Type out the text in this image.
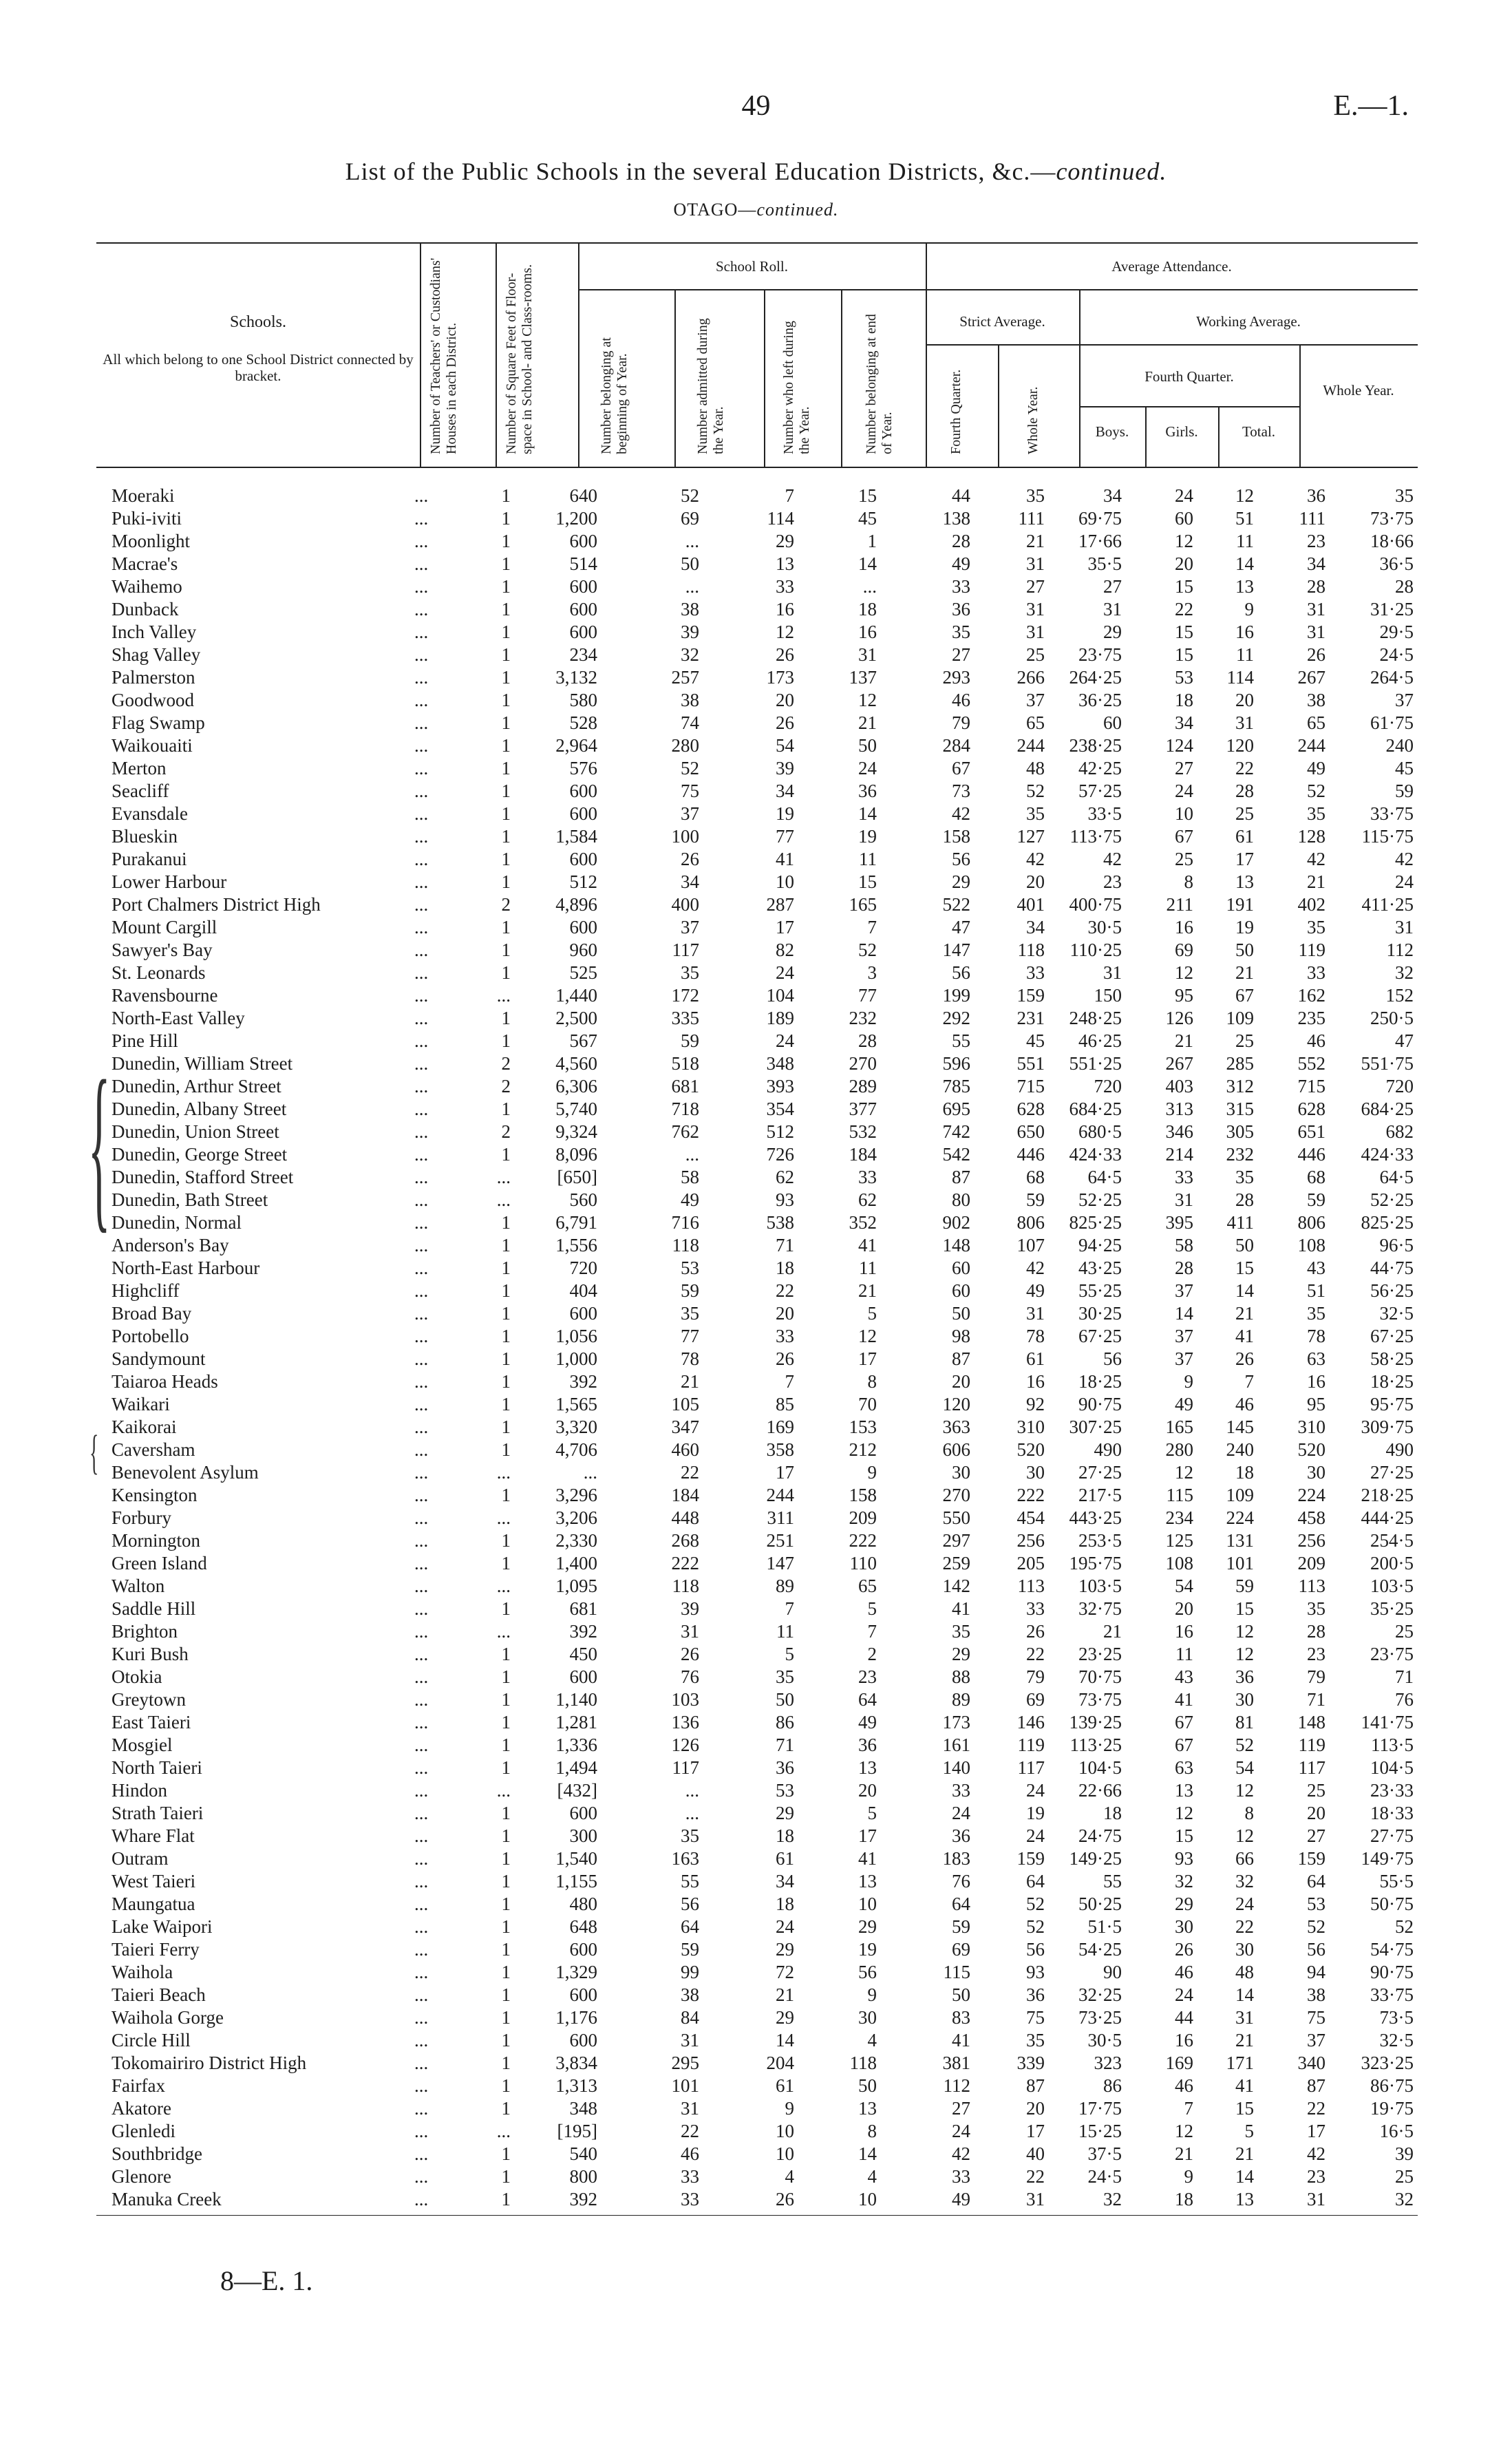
49	E.—1.
List of the Public Schools in the several Education Districts, &c.—continued.
OTAGO—continued.
Schools.
All which belong to one School District connected by bracket.	Number of Teachers' or Custodians' Houses in each District.	Number of Square Feet of Floor-space in School- and Class-rooms.	School Roll.
Number belonging at beginning of Year.	Number admitted during the Year.	Number who left during the Year.	Number belonging at end of Year.
Average Attendance.
Strict Average.	Working Average.
Fourth Quarter.	Whole Year.
Fourth Quarter.
Boys.	Girls.	Total.
Whole Year.
{
{
Moeraki	...	1	640	52	7	15	44	35	34	24	12	36	35
Puki-iviti	...	1	1,200	69	114	45	138	111	69·75	60	51	111	73·75
Moonlight	...	1	600	...	29	1	28	21	17·66	12	11	23	18·66
Macrae's	...	1	514	50	13	14	49	31	35·5	20	14	34	36·5
Waihemo	...	1	600	...	33	...	33	27	27	15	13	28	28
Dunback	...	1	600	38	16	18	36	31	31	22	9	31	31·25
Inch Valley	...	1	600	39	12	16	35	31	29	15	16	31	29·5
Shag Valley	...	1	234	32	26	31	27	25	23·75	15	11	26	24·5
Palmerston	...	1	3,132	257	173	137	293	266	264·25	53	114	267	264·5
Goodwood	...	1	580	38	20	12	46	37	36·25	18	20	38	37
Flag Swamp	...	1	528	74	26	21	79	65	60	34	31	65	61·75
Waikouaiti	...	1	2,964	280	54	50	284	244	238·25	124	120	244	240
Merton	...	1	576	52	39	24	67	48	42·25	27	22	49	45
Seacliff	...	1	600	75	34	36	73	52	57·25	24	28	52	59
Evansdale	...	1	600	37	19	14	42	35	33·5	10	25	35	33·75
Blueskin	...	1	1,584	100	77	19	158	127	113·75	67	61	128	115·75
Purakanui	...	1	600	26	41	11	56	42	42	25	17	42	42
Lower Harbour	...	1	512	34	10	15	29	20	23	8	13	21	24
Port Chalmers District High	...	2	4,896	400	287	165	522	401	400·75	211	191	402	411·25
Mount Cargill	...	1	600	37	17	7	47	34	30·5	16	19	35	31
Sawyer's Bay	...	1	960	117	82	52	147	118	110·25	69	50	119	112
St. Leonards	...	1	525	35	24	3	56	33	31	12	21	33	32
Ravensbourne	...	...	1,440	172	104	77	199	159	150	95	67	162	152
North-East Valley	...	1	2,500	335	189	232	292	231	248·25	126	109	235	250·5
Pine Hill	...	1	567	59	24	28	55	45	46·25	21	25	46	47
Dunedin, William Street	...	2	4,560	518	348	270	596	551	551·25	267	285	552	551·75
Dunedin, Arthur Street	...	2	6,306	681	393	289	785	715	720	403	312	715	720
Dunedin, Albany Street	...	1	5,740	718	354	377	695	628	684·25	313	315	628	684·25
Dunedin, Union Street	...	2	9,324	762	512	532	742	650	680·5	346	305	651	682
Dunedin, George Street	...	1	8,096	...	726	184	542	446	424·33	214	232	446	424·33
Dunedin, Stafford Street	...	...	[650]	58	62	33	87	68	64·5	33	35	68	64·5
Dunedin, Bath Street	...	...	560	49	93	62	80	59	52·25	31	28	59	52·25
Dunedin, Normal	...	1	6,791	716	538	352	902	806	825·25	395	411	806	825·25
Anderson's Bay	...	1	1,556	118	71	41	148	107	94·25	58	50	108	96·5
North-East Harbour	...	1	720	53	18	11	60	42	43·25	28	15	43	44·75
Highcliff	...	1	404	59	22	21	60	49	55·25	37	14	51	56·25
Broad Bay	...	1	600	35	20	5	50	31	30·25	14	21	35	32·5
Portobello	...	1	1,056	77	33	12	98	78	67·25	37	41	78	67·25
Sandymount	...	1	1,000	78	26	17	87	61	56	37	26	63	58·25
Taiaroa Heads	...	1	392	21	7	8	20	16	18·25	9	7	16	18·25
Waikari	...	1	1,565	105	85	70	120	92	90·75	49	46	95	95·75
Kaikorai	...	1	3,320	347	169	153	363	310	307·25	165	145	310	309·75
Caversham	...	1	4,706	460	358	212	606	520	490	280	240	520	490
Benevolent Asylum	...	...	...	22	17	9	30	30	27·25	12	18	30	27·25
Kensington	...	1	3,296	184	244	158	270	222	217·5	115	109	224	218·25
Forbury	...	...	3,206	448	311	209	550	454	443·25	234	224	458	444·25
Mornington	...	1	2,330	268	251	222	297	256	253·5	125	131	256	254·5
Green Island	...	1	1,400	222	147	110	259	205	195·75	108	101	209	200·5
Walton	...	...	1,095	118	89	65	142	113	103·5	54	59	113	103·5
Saddle Hill	...	1	681	39	7	5	41	33	32·75	20	15	35	35·25
Brighton	...	...	392	31	11	7	35	26	21	16	12	28	25
Kuri Bush	...	1	450	26	5	2	29	22	23·25	11	12	23	23·75
Otokia	...	1	600	76	35	23	88	79	70·75	43	36	79	71
Greytown	...	1	1,140	103	50	64	89	69	73·75	41	30	71	76
East Taieri	...	1	1,281	136	86	49	173	146	139·25	67	81	148	141·75
Mosgiel	...	1	1,336	126	71	36	161	119	113·25	67	52	119	113·5
North Taieri	...	1	1,494	117	36	13	140	117	104·5	63	54	117	104·5
Hindon	...	...	[432]	...	53	20	33	24	22·66	13	12	25	23·33
Strath Taieri	...	1	600	...	29	5	24	19	18	12	8	20	18·33
Whare Flat	...	1	300	35	18	17	36	24	24·75	15	12	27	27·75
Outram	...	1	1,540	163	61	41	183	159	149·25	93	66	159	149·75
West Taieri	...	1	1,155	55	34	13	76	64	55	32	32	64	55·5
Maungatua	...	1	480	56	18	10	64	52	50·25	29	24	53	50·75
Lake Waipori	...	1	648	64	24	29	59	52	51·5	30	22	52	52
Taieri Ferry	...	1	600	59	29	19	69	56	54·25	26	30	56	54·75
Waihola	...	1	1,329	99	72	56	115	93	90	46	48	94	90·75
Taieri Beach	...	1	600	38	21	9	50	36	32·25	24	14	38	33·75
Waihola Gorge	...	1	1,176	84	29	30	83	75	73·25	44	31	75	73·5
Circle Hill	...	1	600	31	14	4	41	35	30·5	16	21	37	32·5
Tokomairiro District High	...	1	3,834	295	204	118	381	339	323	169	171	340	323·25
Fairfax	...	1	1,313	101	61	50	112	87	86	46	41	87	86·75
Akatore	...	1	348	31	9	13	27	20	17·75	7	15	22	19·75
Glenledi	...	...	[195]	22	10	8	24	17	15·25	12	5	17	16·5
Southbridge	...	1	540	46	10	14	42	40	37·5	21	21	42	39
Glenore	...	1	800	33	4	4	33	22	24·5	9	14	23	25
Manuka Creek	...	1	392	33	26	10	49	31	32	18	13	31	32
8—E. 1.
